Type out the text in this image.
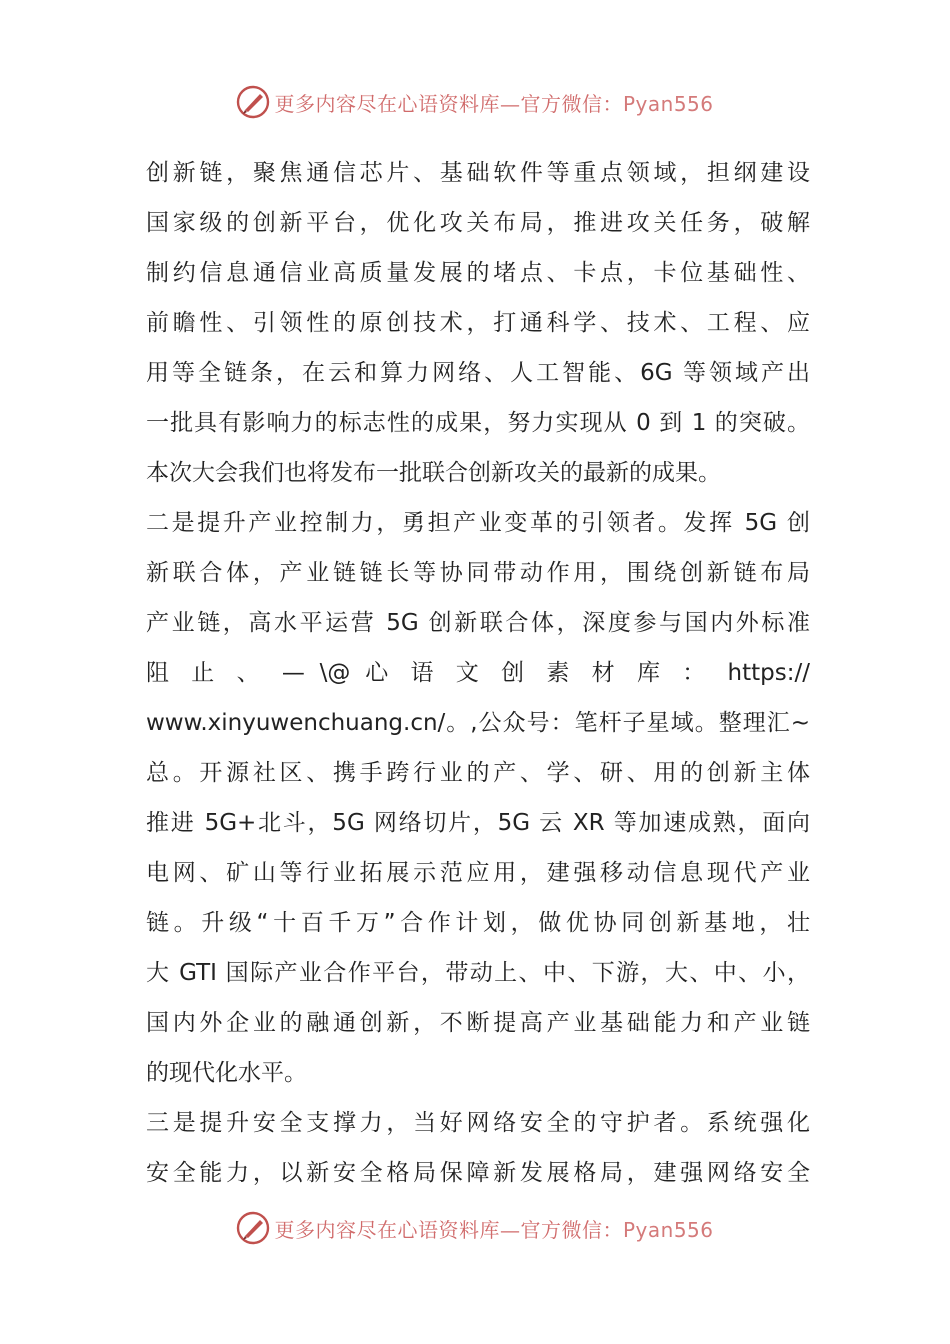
更多内容尽在心语资料库—官方微信：Pyan556
创新链，聚焦通信芯片、基础软件等重点领域，担纲建设
国家级的创新平台，优化攻关布局，推进攻关任务，破解
制约信息通信业高质量发展的堵点、卡点，卡位基础性、
前瞻性、引领性的原创技术，打通科学、技术、工程、应
用等全链条，在云和算力网络、人工智能、6G 等领域产出
一批具有影响力的标志性的成果，努力实现从 0 到 1 的突破。
本次大会我们也将发布一批联合创新攻关的最新的成果。
二是提升产业控制力，勇担产业变革的引领者。发挥 5G 创
新联合体，产业链链长等协同带动作用，围绕创新链布局
产业链，高水平运营 5G 创新联合体，深度参与国内外标准
阻 止 、 — \@ 心 语 文 创 素 材 库 ： https://
www.xinyuwenchuang.cn/。,公众号：笔杆子星域。整理汇~
总。开源社区、携手跨行业的产、学、研、用的创新主体
推进 5G+北斗，5G 网络切片，5G 云 XR 等加速成熟，面向
电网、矿山等行业拓展示范应用，建强移动信息现代产业
链。升级“十百千万”合作计划，做优协同创新基地，壮
大 GTI 国际产业合作平台，带动上、中、下游，大、中、小，
国内外企业的融通创新，不断提高产业基础能力和产业链
的现代化水平。
三是提升安全支撑力，当好网络安全的守护者。系统强化
安全能力，以新安全格局保障新发展格局，建强网络安全
更多内容尽在心语资料库—官方微信：Pyan556
